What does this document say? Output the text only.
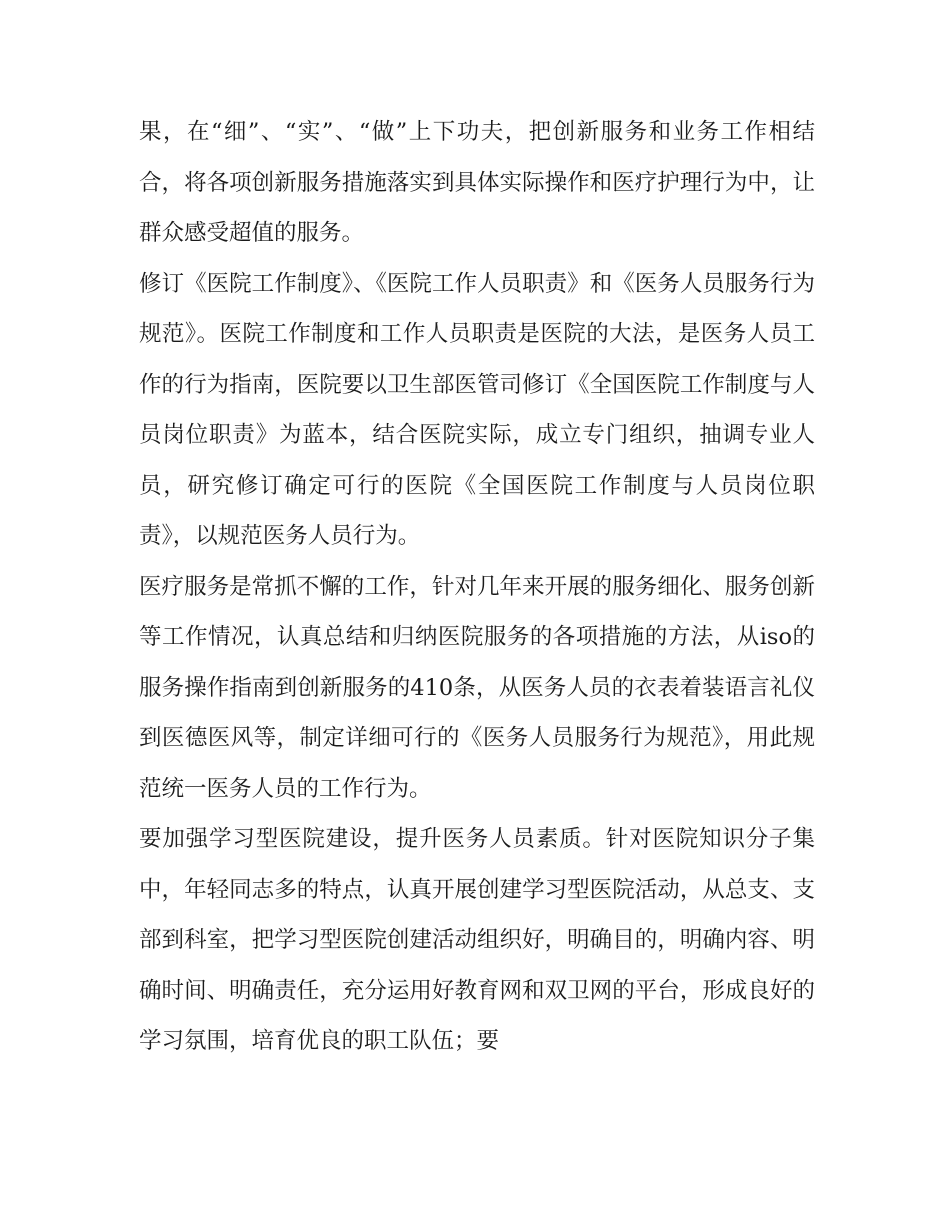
果，在“细”、“实”、“做”上下功夫，把创新服务和业务工作相结合，将各项创新服务措施落实到具体实际操作和医疗护理行为中，让群众感受超值的服务。

修订《医院工作制度》、《医院工作人员职责》和《医务人员服务行为规范》。医院工作制度和工作人员职责是医院的大法，是医务人员工作的行为指南，医院要以卫生部医管司修订《全国医院工作制度与人员岗位职责》为蓝本，结合医院实际，成立专门组织，抽调专业人员，研究修订确定可行的医院《全国医院工作制度与人员岗位职责》，以规范医务人员行为。

医疗服务是常抓不懈的工作，针对几年来开展的服务细化、服务创新等工作情况，认真总结和归纳医院服务的各项措施的方法，从iso的服务操作指南到创新服务的410条，从医务人员的衣表着装语言礼仪到医德医风等，制定详细可行的《医务人员服务行为规范》，用此规范统一医务人员的工作行为。

要加强学习型医院建设，提升医务人员素质。针对医院知识分子集中，年轻同志多的特点，认真开展创建学习型医院活动，从总支、支部到科室，把学习型医院创建活动组织好，明确目的，明确内容、明确时间、明确责任，充分运用好教育网和双卫网的平台，形成良好的学习氛围，培育优良的职工队伍；要
